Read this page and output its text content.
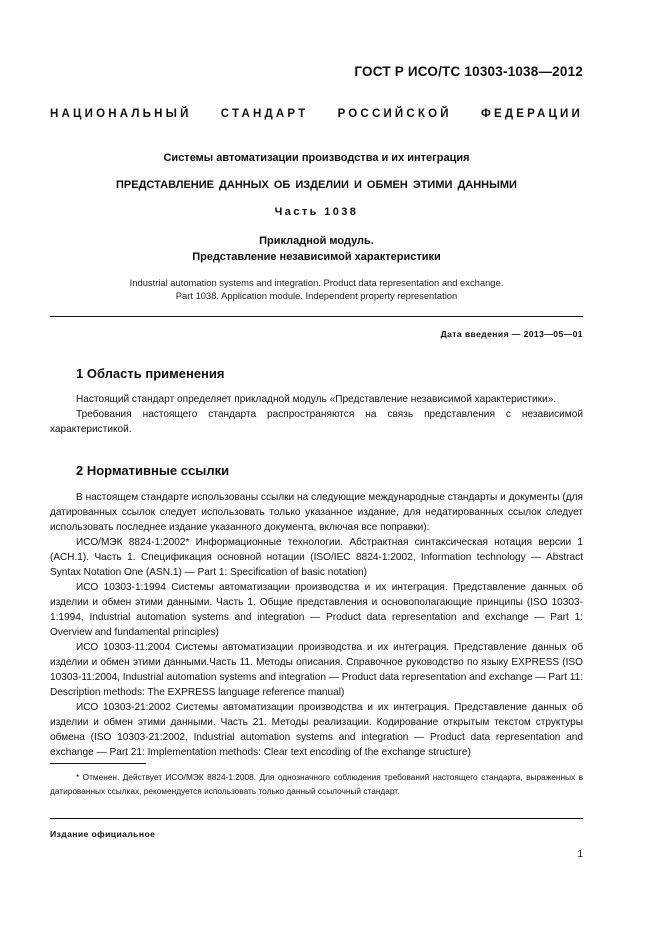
ГОСТ Р ИСО/ТС 10303-1038—2012
НАЦИОНАЛЬНЫЙ СТАНДАРТ РОССИЙСКОЙ ФЕДЕРАЦИИ
Системы автоматизации производства и их интеграция
ПРЕДСТАВЛЕНИЕ ДАННЫХ ОБ ИЗДЕЛИИ И ОБМЕН ЭТИМИ ДАННЫМИ
Часть 1038
Прикладной модуль.
Представление независимой характеристики
Industrial automation systems and integration. Product data representation and exchange.
Part 1038. Application module. Independent property representation
Дата введения — 2013—05—01
1 Область применения

Настоящий стандарт определяет прикладной модуль «Представление независимой характеристики».

Требования настоящего стандарта распространяются на связь представления с независимой характеристикой.

2 Нормативные ссылки

В настоящем стандарте использованы ссылки на следующие международные стандарты и документы (для датированных ссылок следует использовать только указанное издание, для недатированных ссылок следует использовать последнее издание указанного документа, включая все поправки):

ИСО/МЭК 8824-1:2002* Информационные технологии. Абстрактная синтаксическая нотация версии 1 (АСН.1). Часть 1. Спецификация основной нотации (ISO/IEC 8824-1:2002, Information technology — Abstract Syntax Notation One (ASN.1) — Part 1: Specification of basic notation)

ИСО 10303-1:1994 Системы автоматизации производства и их интеграция. Представление данных об изделии и обмен этими данными. Часть 1. Общие представления и основополагающие принципы (ISO 10303-1:1994, Industrial automation systems and integration — Product data representation and exchange — Part 1: Overview and fundamental principles)

ИСО 10303-11:2004 Системы автоматизации производства и их интеграция. Представление данных об изделии и обмен этими данными.Часть 11. Методы описания. Справочное руководство по языку EXPRESS (ISO 10303-11:2004, Industrial automation systems and integration — Product data representation and exchange — Part 11: Description methods: The EXPRESS language reference manual)

ИСО 10303-21:2002 Системы автоматизации производства и их интеграция. Представление данных об изделии и обмен этими данными. Часть 21. Методы реализации. Кодирование открытым текстом структуры обмена (ISO 10303-21:2002, Industrial automation systems and integration — Product data representation and exchange — Part 21: Implementation methods: Clear text encoding of the exchange structure)

* Отменен. Действует ИСО/МЭК 8824-1:2008. Для однозначного соблюдения требований настоящего стандарта, выраженных в датированных ссылках, рекомендуется использовать только данный ссылочный стандарт.

Издание официальное
1
